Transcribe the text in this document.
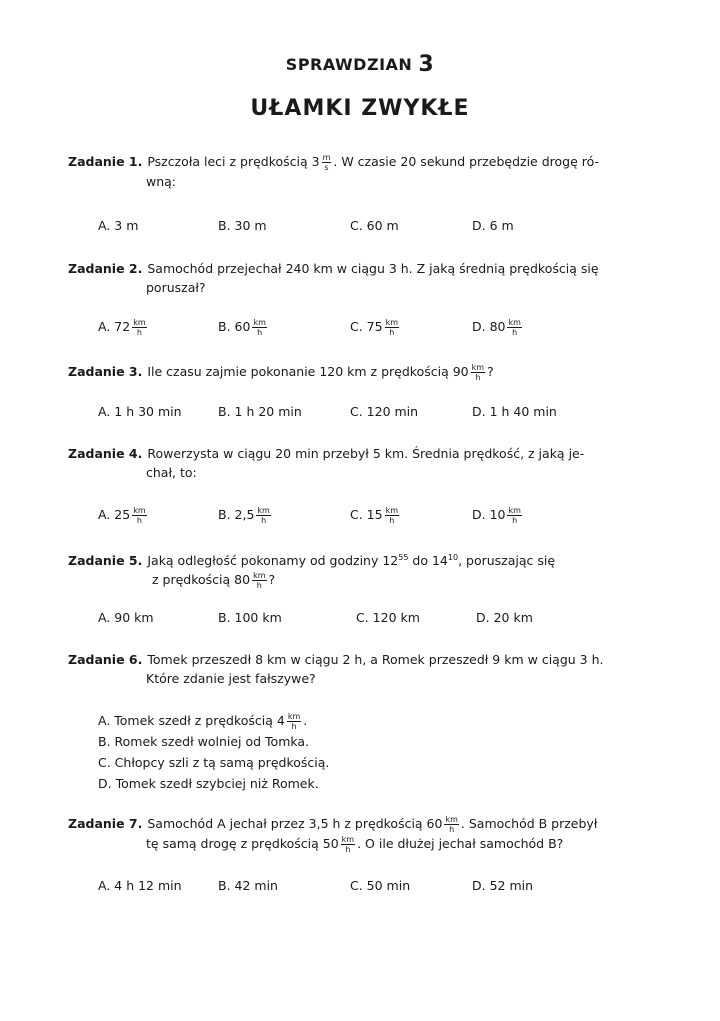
SPRAWDZIAN 3
UŁAMKI ZWYKŁE
Zadanie 1. Pszczoła leci z prędkością $3 \frac{m}{s}$ . W czasie 20 sekund przebędzie drogę ró-
wną:
A. 3 m	B. 30 m	C. 60 m	D. 6 m
Zadanie 2. Samochód przejechał 240 km w ciągu 3 h. Z jaką średnią prędkością się
poruszał?
A. $72 \frac{km}{h}$	B. $60 \frac{km}{h}$	C. $75 \frac{km}{h}$	D. $80 \frac{km}{h}$
Zadanie 3. Ile czasu zajmie pokonanie 120 km z prędkością $90 \frac{km}{h}$ ?
A. 1 h 30 min	B. 1 h 20 min	C. 120 min	D. 1 h 40 min
Zadanie 4. Rowerzysta w ciągu 20 min przebył 5 km. Średnia prędkość, z jaką je-
chał, to:
A. $25 \frac{km}{h}$	B. $2,5 \frac{km}{h}$	C. $15 \frac{km}{h}$	D. $10 \frac{km}{h}$
Zadanie 5. Jaką odległość pokonamy od godziny $12^{55}$ do $14^{10}$, poruszając się
z prędkością $80 \frac{km}{h}$ ?
A. 90 km	B. 100 km	C. 120 km	D. 20 km
Zadanie 6. Tomek przeszedł 8 km w ciągu 2 h, a Romek przeszedł 9 km w ciągu 3 h.
Które zdanie jest fałszywe?
A. Tomek szedł z prędkością $4 \frac{km}{h}$ .
B. Romek szedł wolniej od Tomka.
C. Chłopcy szli z tą samą prędkością.
D. Tomek szedł szybciej niż Romek.
Zadanie 7. Samochód A jechał przez 3,5 h z prędkością $60 \frac{km}{h}$ . Samochód B przebył
tę samą drogę z prędkością $50 \frac{km}{h}$ . O ile dłużej jechał samochód B?
A. 4 h 12 min	B. 42 min	C. 50 min	D. 52 min
